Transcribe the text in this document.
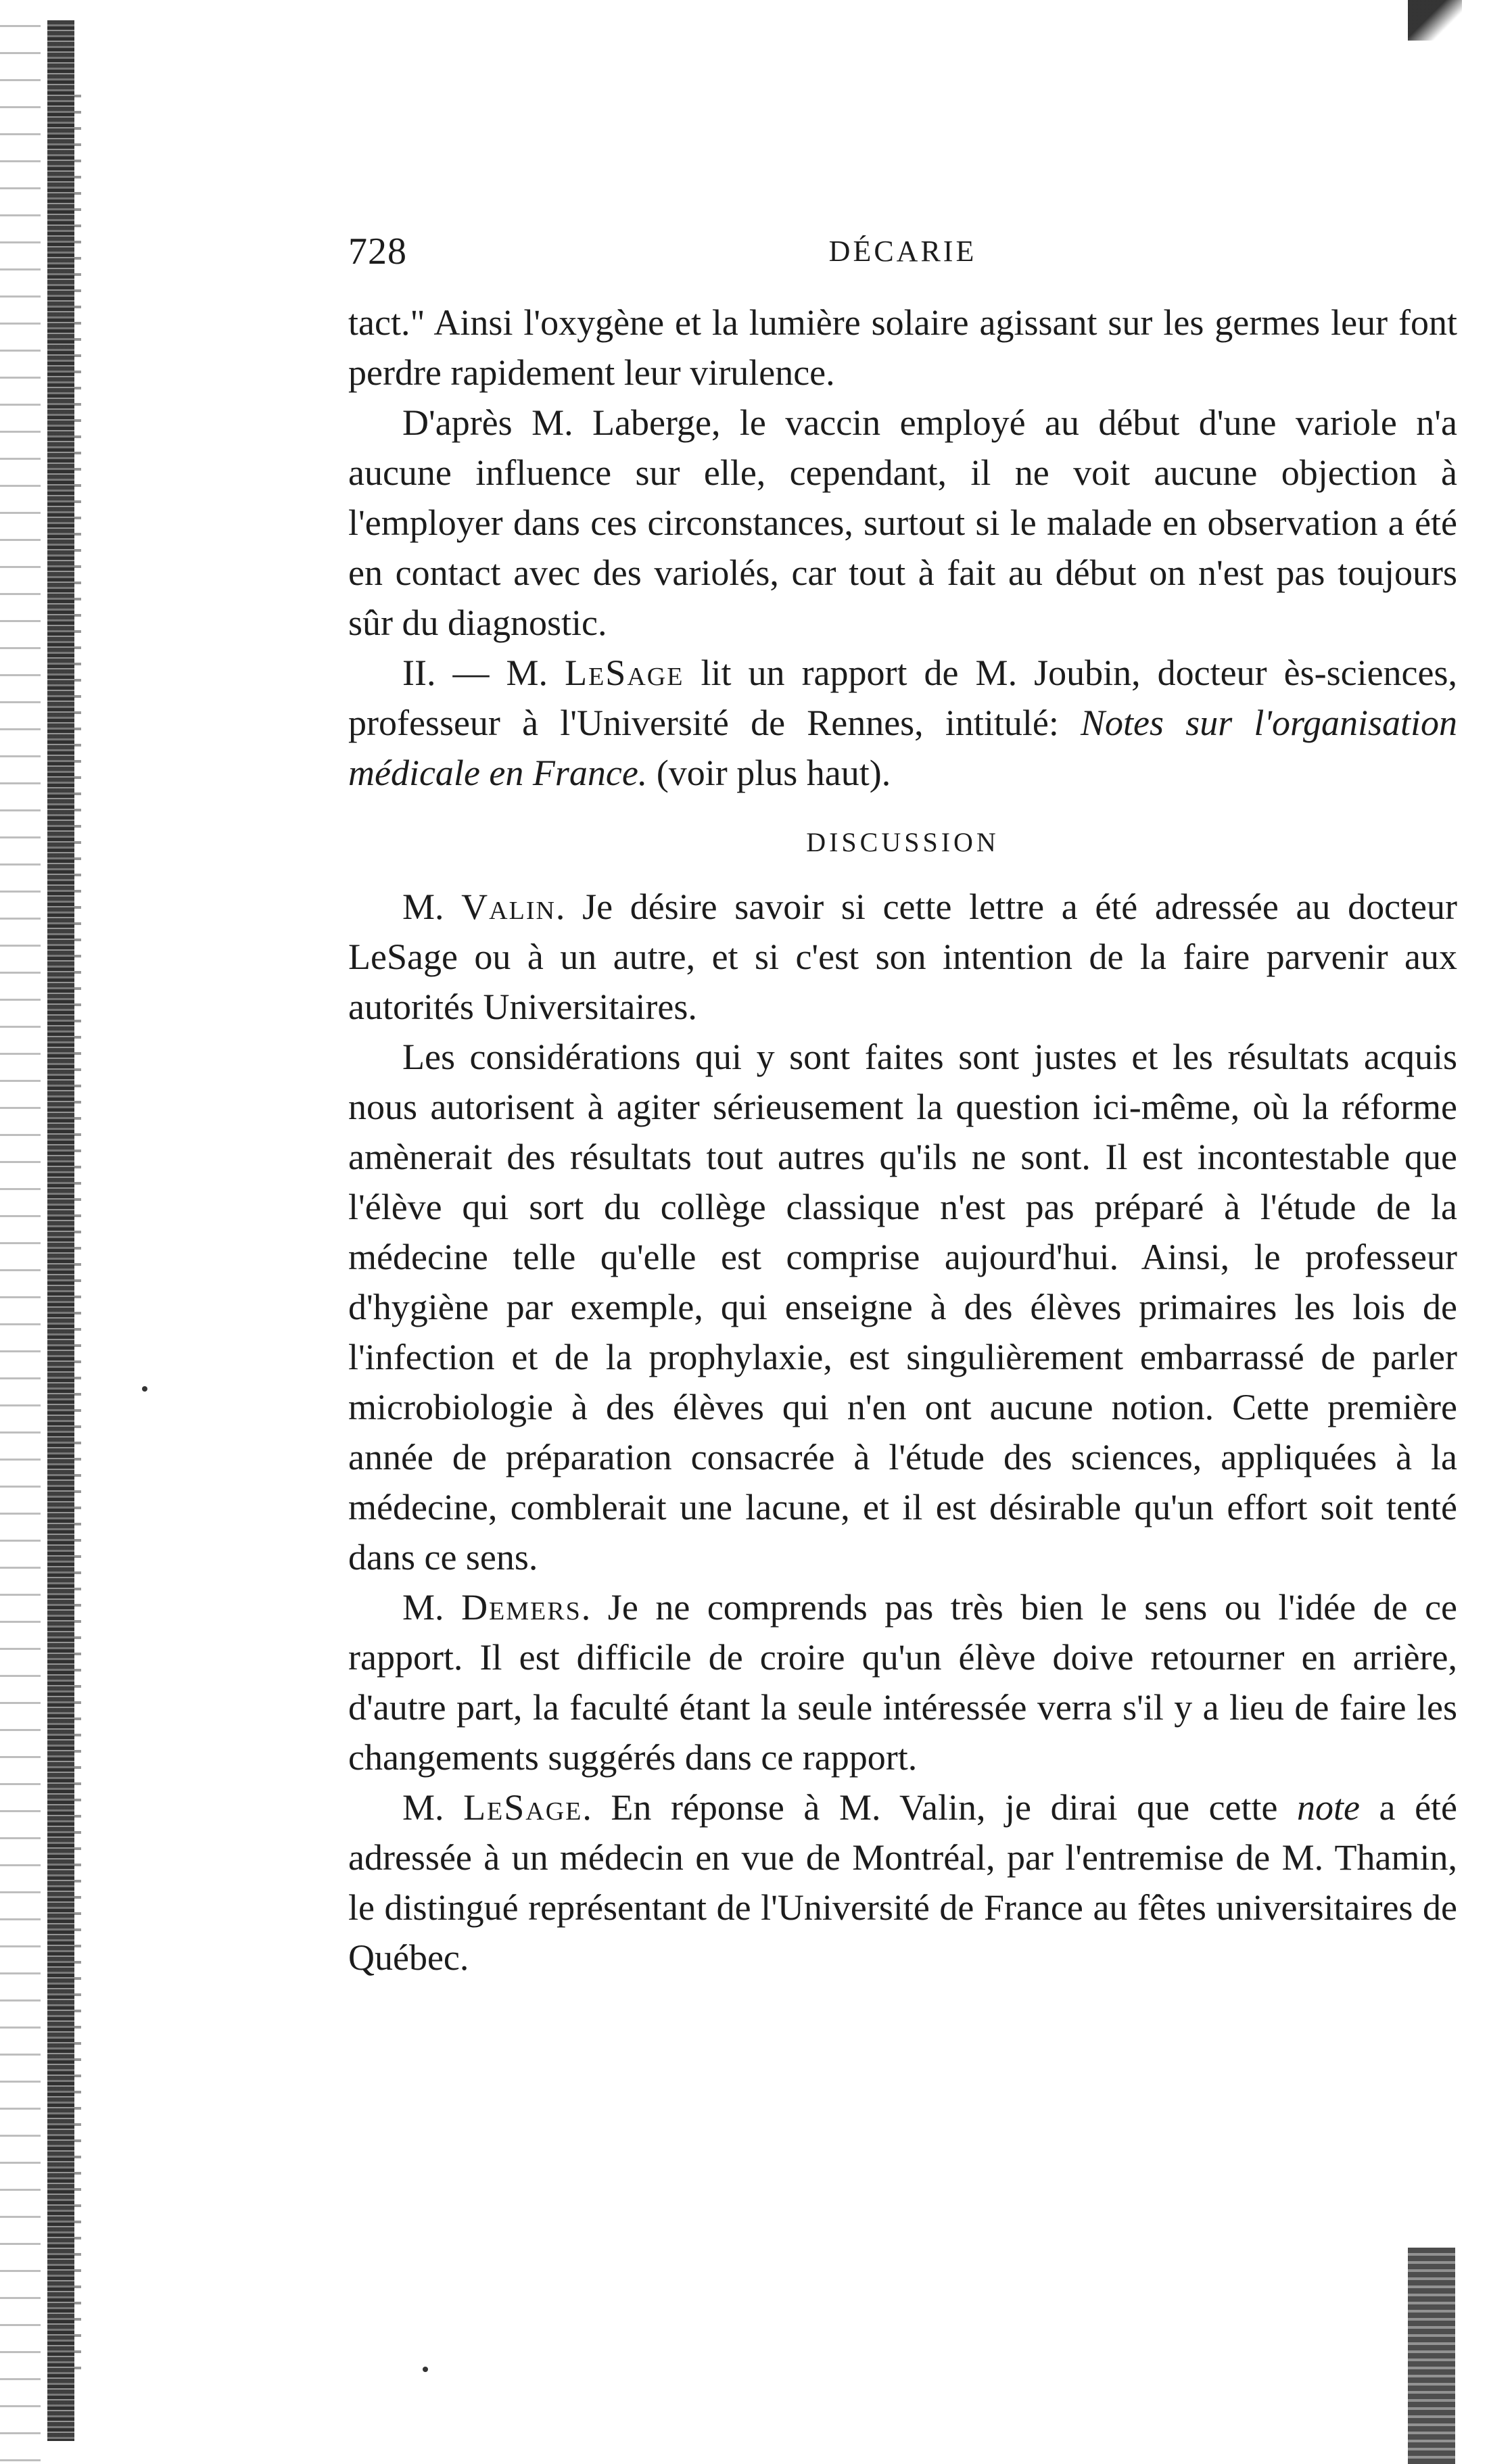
728	DÉCARIE

tact." Ainsi l'oxygène et la lumière solaire agissant sur les germes leur font perdre rapidement leur virulence.

D'après M. Laberge, le vaccin employé au début d'une variole n'a aucune influence sur elle, cependant, il ne voit aucune objection à l'employer dans ces circonstances, surtout si le malade en observation a été en contact avec des variolés, car tout à fait au début on n'est pas toujours sûr du diagnostic.

II. — M. LeSage lit un rapport de M. Joubin, docteur ès-sciences, professeur à l'Université de Rennes, intitulé: Notes sur l'organisation médicale en France. (voir plus haut).

DISCUSSION

M. Valin. Je désire savoir si cette lettre a été adressée au docteur LeSage ou à un autre, et si c'est son intention de la faire parvenir aux autorités Universitaires.

Les considérations qui y sont faites sont justes et les résultats acquis nous autorisent à agiter sérieusement la question ici-même, où la réforme amènerait des résultats tout autres qu'ils ne sont. Il est incontestable que l'élève qui sort du collège classique n'est pas préparé à l'étude de la médecine telle qu'elle est comprise aujourd'hui. Ainsi, le professeur d'hygiène par exemple, qui enseigne à des élèves primaires les lois de l'infection et de la prophylaxie, est singulièrement embarrassé de parler microbiologie à des élèves qui n'en ont aucune notion. Cette première année de préparation consacrée à l'étude des sciences, appliquées à la médecine, comblerait une lacune, et il est désirable qu'un effort soit tenté dans ce sens.

M. Demers. Je ne comprends pas très bien le sens ou l'idée de ce rapport. Il est difficile de croire qu'un élève doive retourner en arrière, d'autre part, la faculté étant la seule intéressée verra s'il y a lieu de faire les changements suggérés dans ce rapport.

M. LeSage. En réponse à M. Valin, je dirai que cette note a été adressée à un médecin en vue de Montréal, par l'entremise de M. Thamin, le distingué représentant de l'Université de France au fêtes universitaires de Québec.
